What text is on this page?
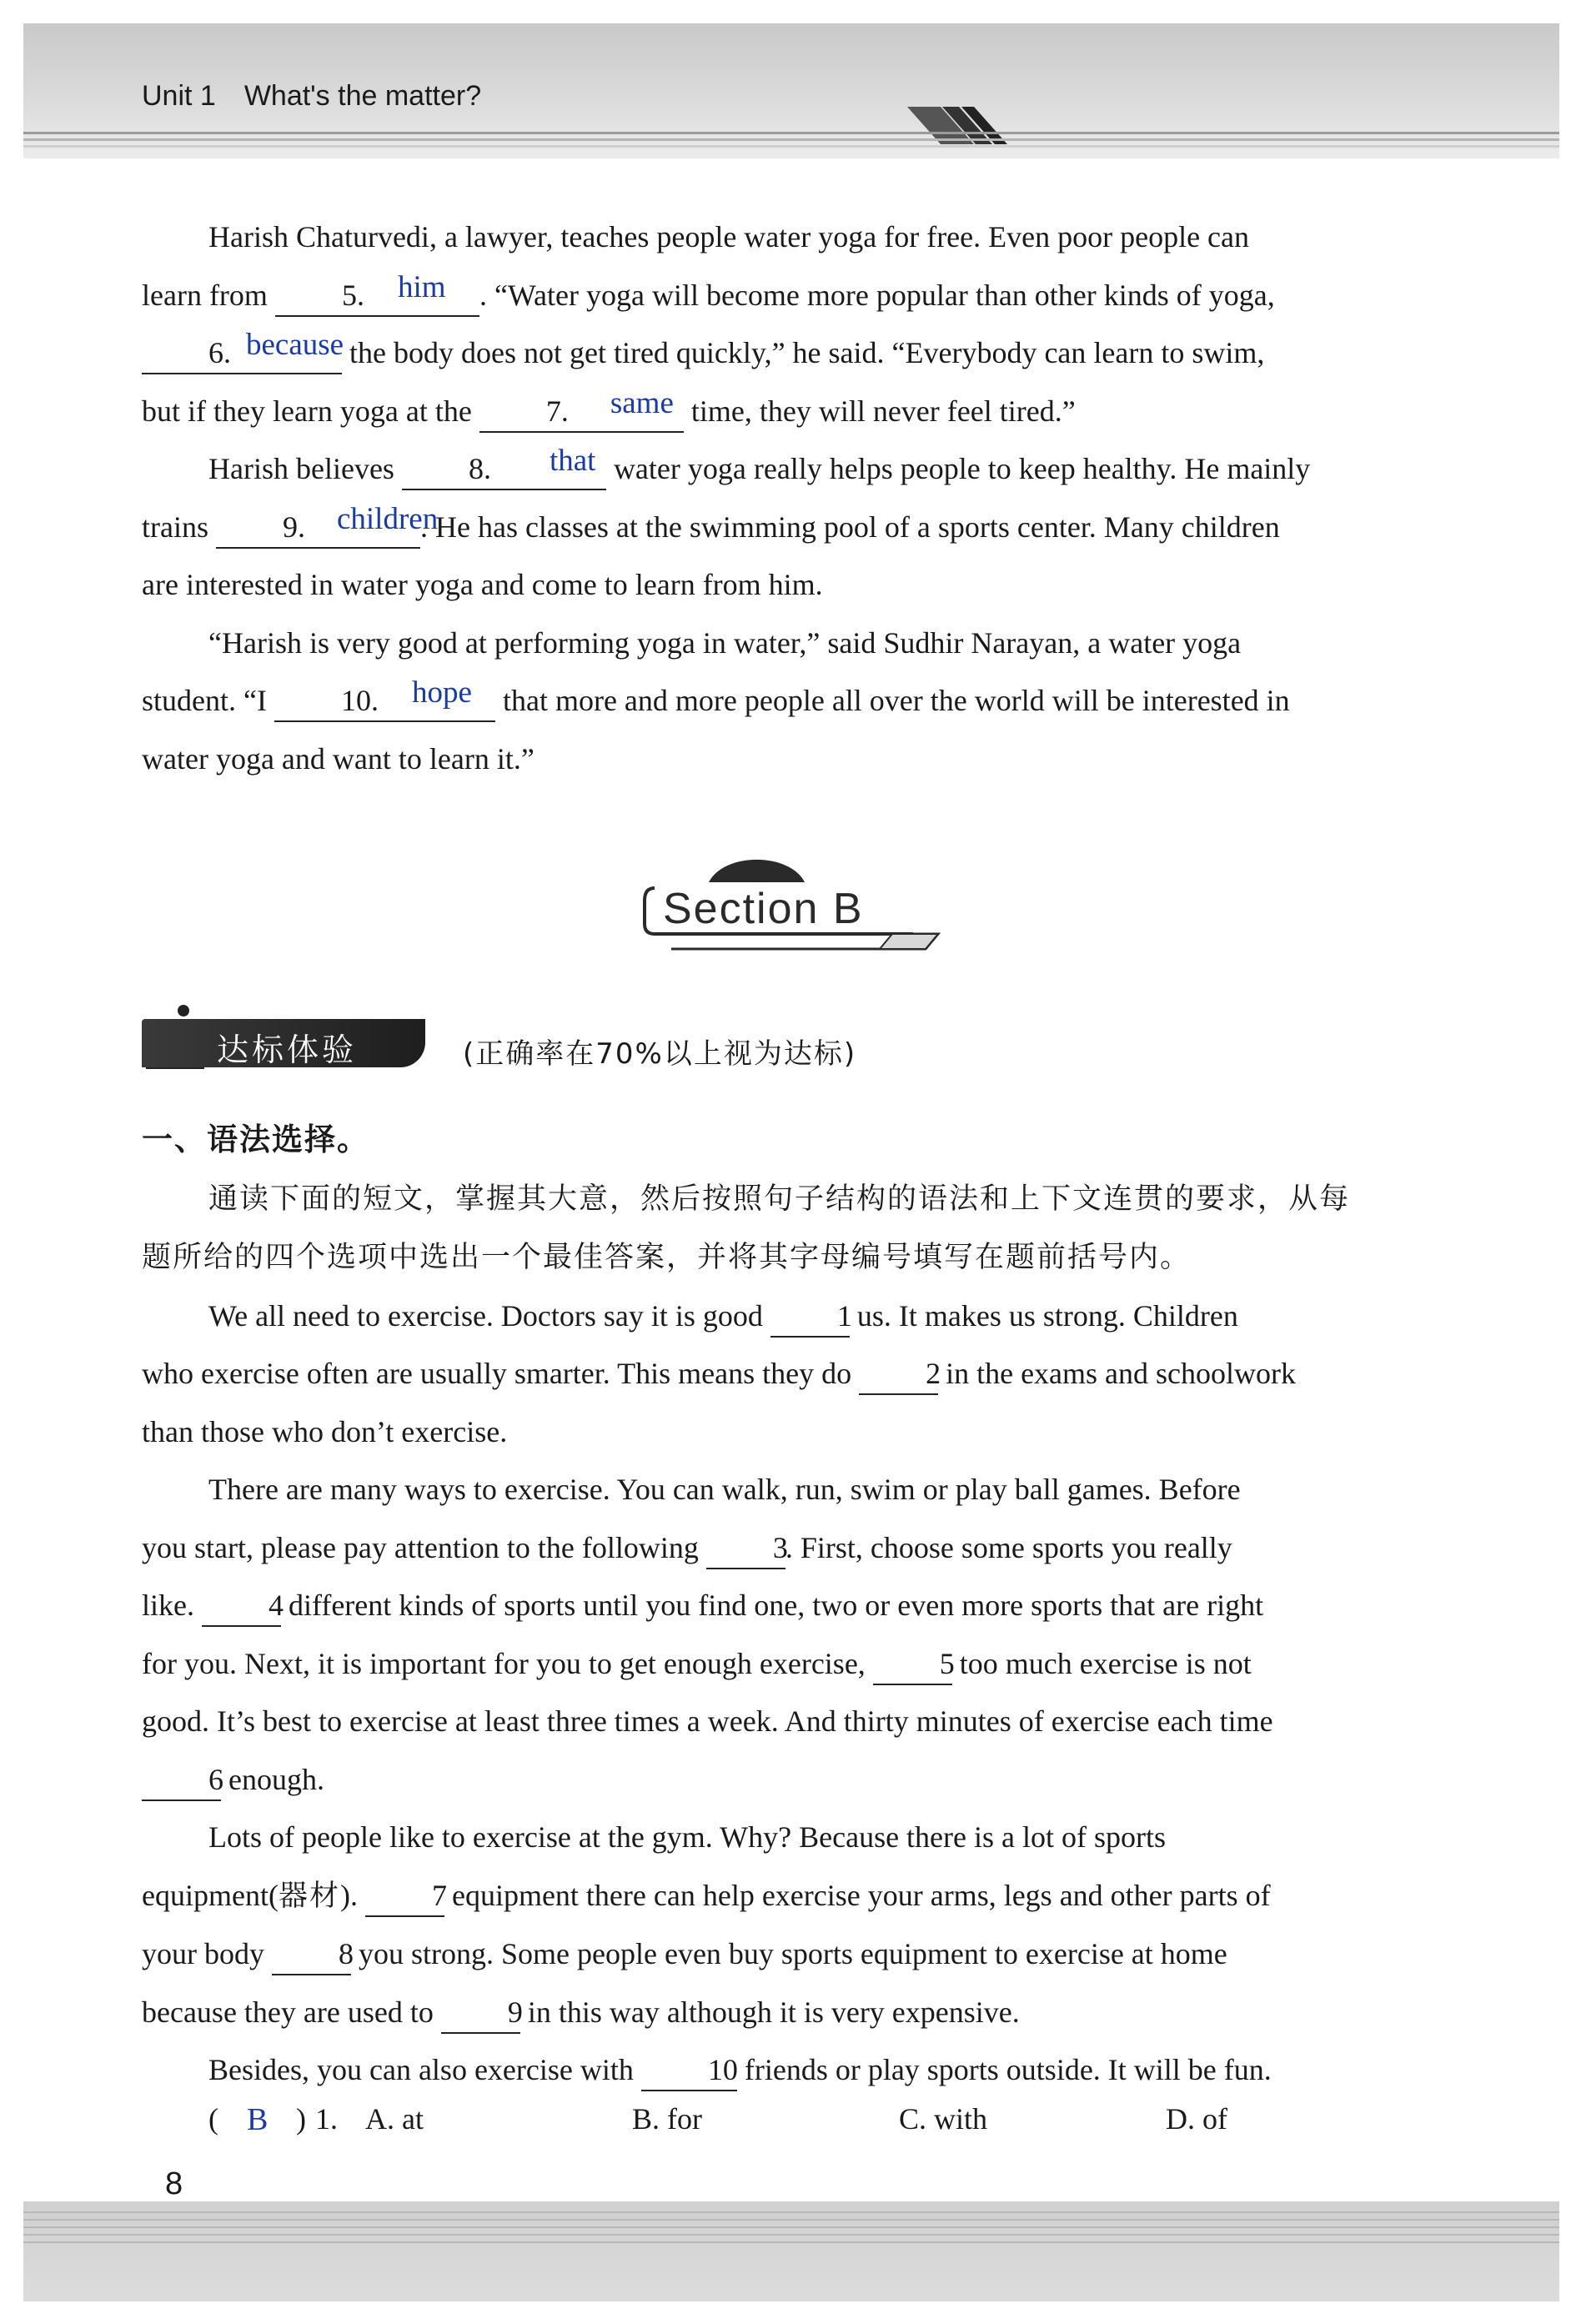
Unit 1 What's the matter?

Harish Chaturvedi, a lawyer, teaches people water yoga for free. Even poor people can
learn from 5. him . “Water yoga will become more popular than other kinds of yoga,
6. because the body does not get tired quickly,” he said. “Everybody can learn to swim,
but if they learn yoga at the 7. same time, they will never feel tired.”

Harish believes 8. that water yoga really helps people to keep healthy. He mainly
trains 9. children. He has classes at the swimming pool of a sports center. Many children
are interested in water yoga and come to learn from him.

“Harish is very good at performing yoga in water,” said Sudhir Narayan, a water yoga
student. “I 10. hope that more and more people all over the world will be interested in
water yoga and want to learn it.”

Section B
达标体验	(正确率在70%以上视为达标)

一、语法选择。

通读下面的短文，掌握其大意，然后按照句子结构的语法和上下文连贯的要求，从每
题所给的四个选项中选出一个最佳答案，并将其字母编号填写在题前括号内。

We all need to exercise. Doctors say it is good 1 us. It makes us strong. Children
who exercise often are usually smarter. This means they do 2 in the exams and schoolwork
than those who don’t exercise.

There are many ways to exercise. You can walk, run, swim or play ball games. Before
you start, please pay attention to the following 3. First, choose some sports you really
like. 4 different kinds of sports until you find one, two or even more sports that are right
for you. Next, it is important for you to get enough exercise, 5 too much exercise is not
good. It’s best to exercise at least three times a week. And thirty minutes of exercise each time
6 enough.

Lots of people like to exercise at the gym. Why? Because there is a lot of sports
equipment(器材). 7 equipment there can help exercise your arms, legs and other parts of
your body 8 you strong. Some people even buy sports equipment to exercise at home
because they are used to 9 in this way although it is very expensive.

Besides, you can also exercise with 10 friends or play sports outside. It will be fun.

( B ) 1. A. at	B. for	C. with	D. of
8
